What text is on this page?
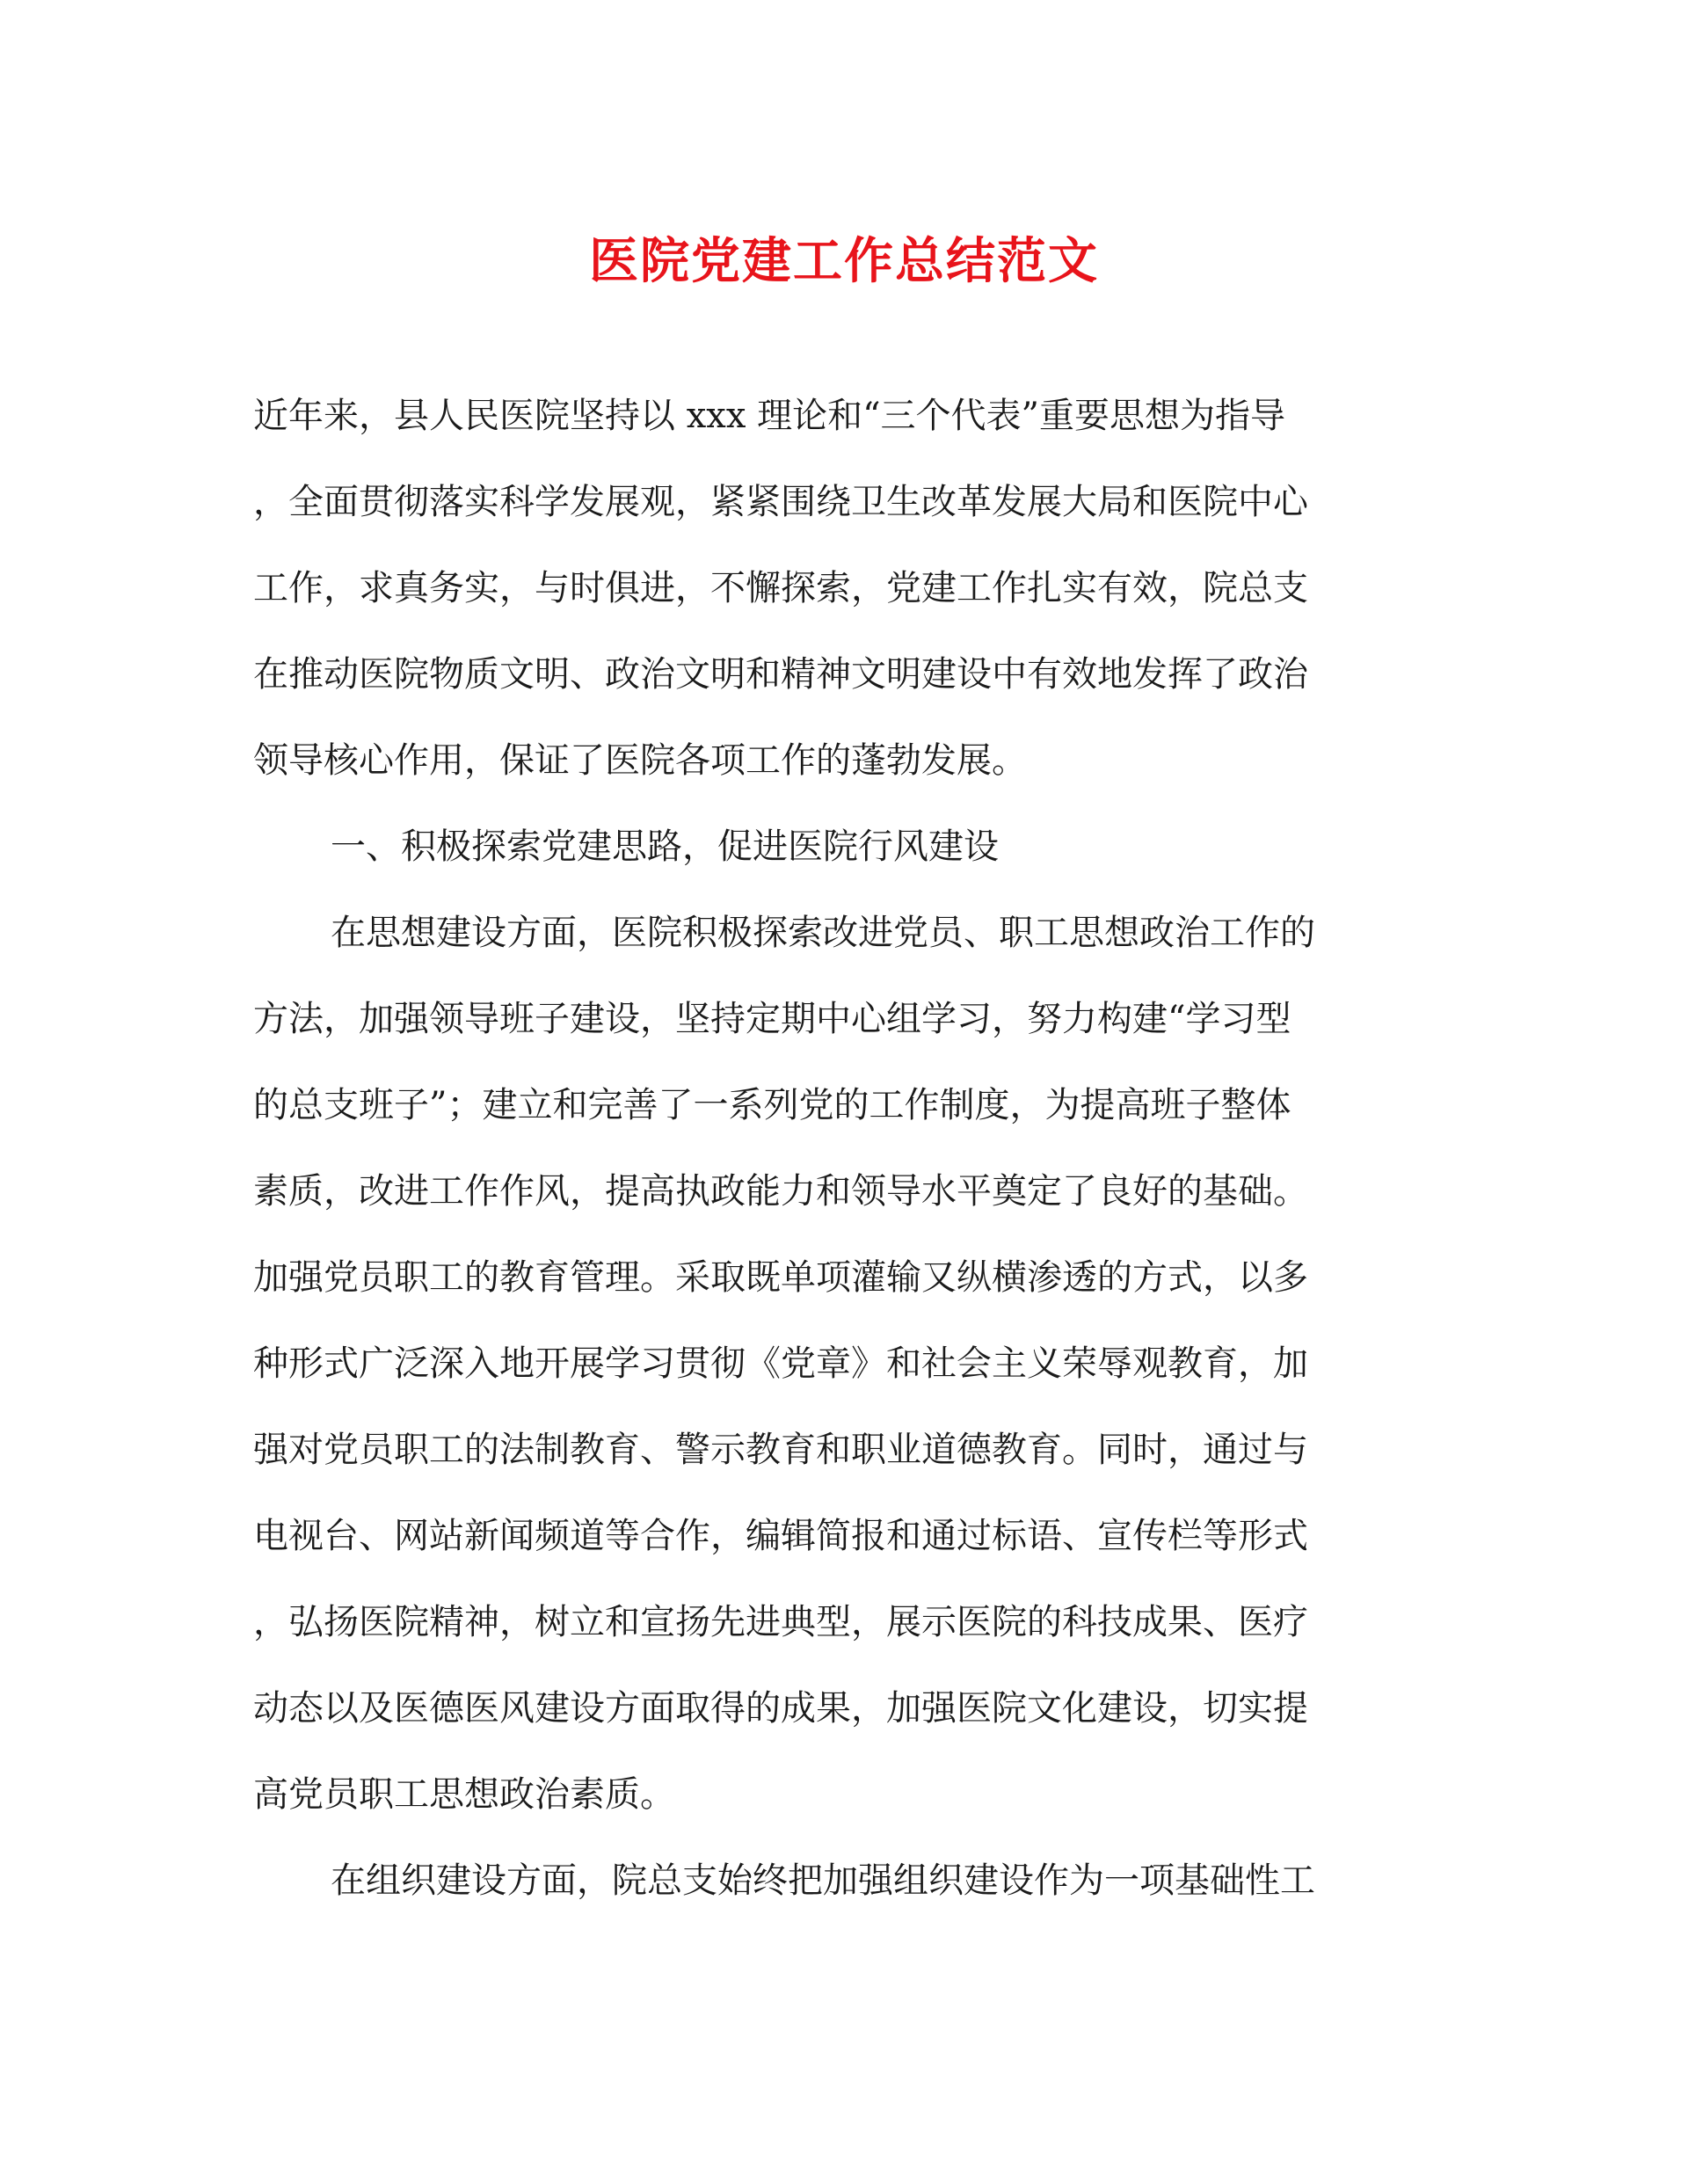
医院党建工作总结范文
近年来，县人民医院坚持以 xxx 理论和“三个代表”重要思想为指导
，全面贯彻落实科学发展观，紧紧围绕卫生改革发展大局和医院中心
工作，求真务实，与时俱进，不懈探索，党建工作扎实有效，院总支
在推动医院物质文明、政治文明和精神文明建设中有效地发挥了政治
领导核心作用，保证了医院各项工作的蓬勃发展。
一、积极探索党建思路，促进医院行风建设
在思想建设方面，医院积极探索改进党员、职工思想政治工作的
方法，加强领导班子建设，坚持定期中心组学习，努力构建“学习型
的总支班子”；建立和完善了一系列党的工作制度，为提高班子整体
素质，改进工作作风，提高执政能力和领导水平奠定了良好的基础。
加强党员职工的教育管理。采取既单项灌输又纵横渗透的方式，以多
种形式广泛深入地开展学习贯彻《党章》和社会主义荣辱观教育，加
强对党员职工的法制教育、警示教育和职业道德教育。同时，通过与
电视台、网站新闻频道等合作，编辑简报和通过标语、宣传栏等形式
，弘扬医院精神，树立和宣扬先进典型，展示医院的科技成果、医疗
动态以及医德医风建设方面取得的成果，加强医院文化建设，切实提
高党员职工思想政治素质。
在组织建设方面，院总支始终把加强组织建设作为一项基础性工
